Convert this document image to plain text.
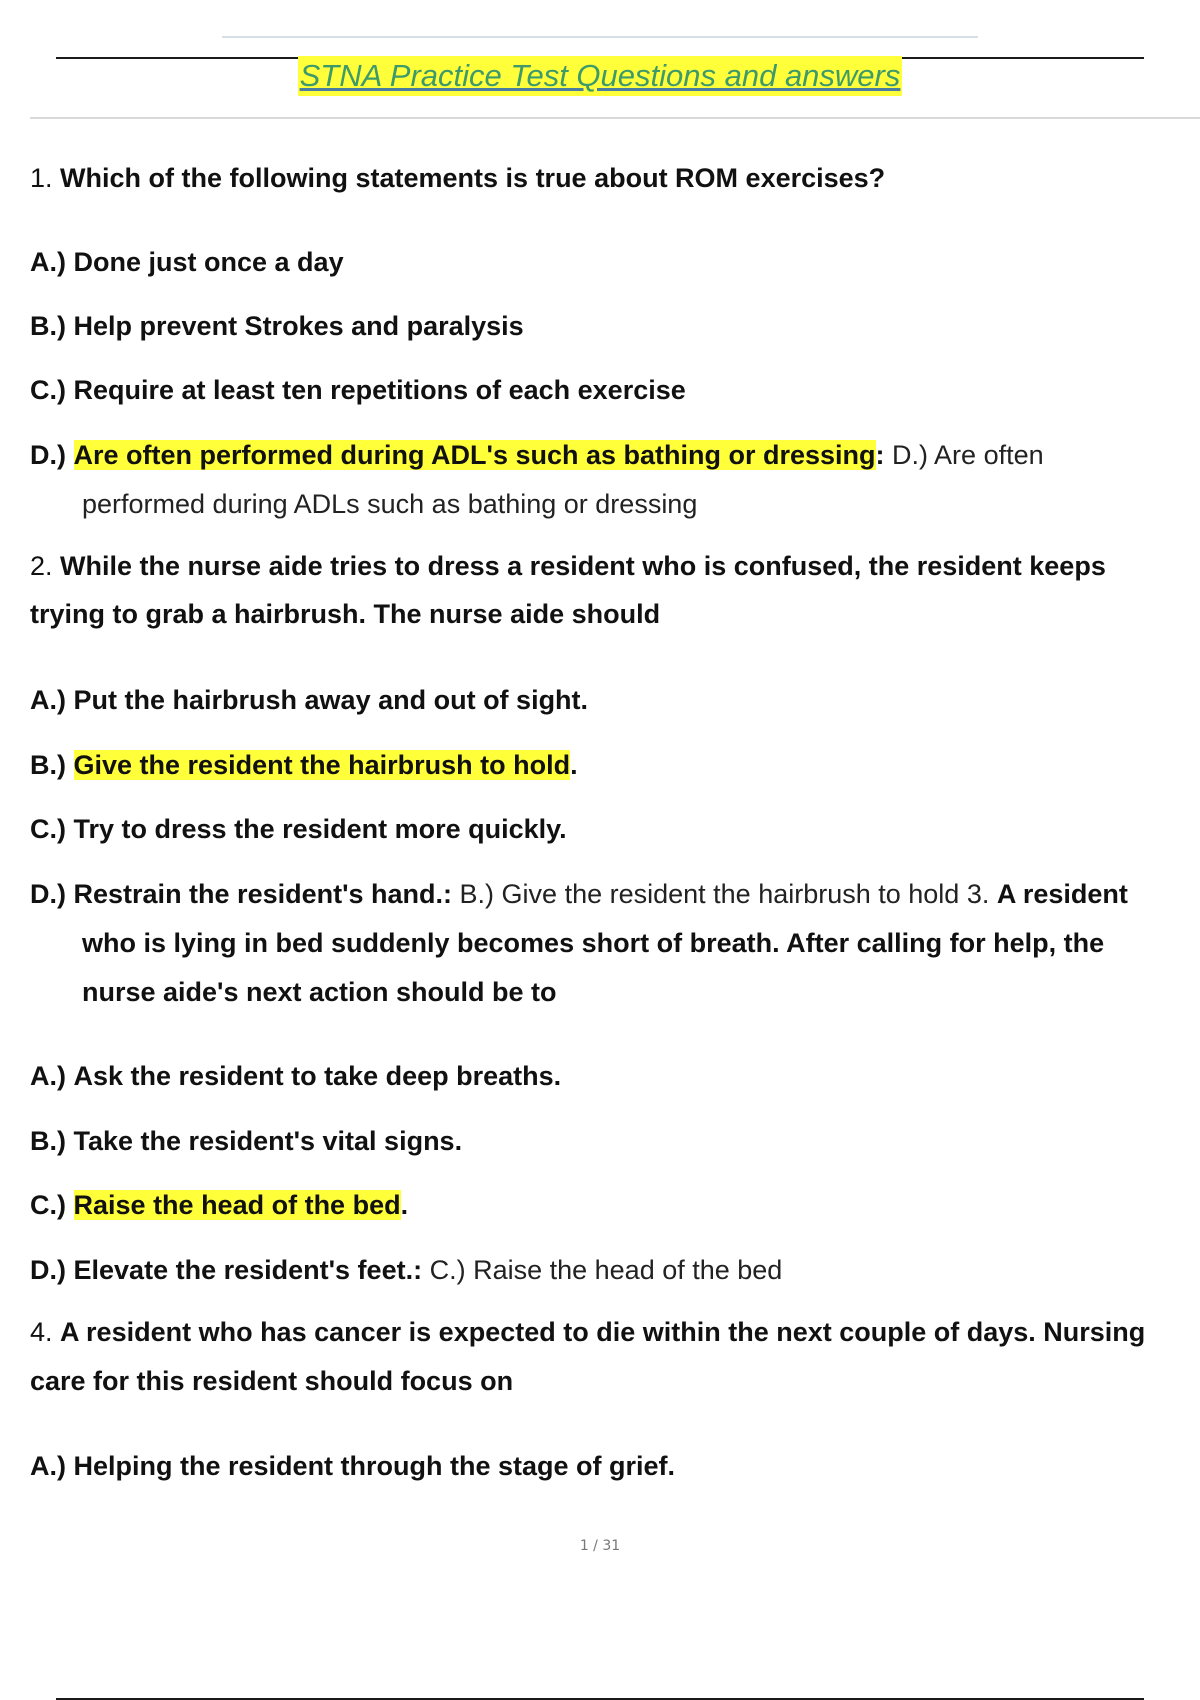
STNA Practice Test Questions and answers
1. Which of the following statements is true about ROM exercises?
A.) Done just once a day
B.) Help prevent Strokes and paralysis
C.) Require at least ten repetitions of each exercise
D.) Are often performed during ADL's such as bathing or dressing: D.) Are often
performed during ADLs such as bathing or dressing
2. While the nurse aide tries to dress a resident who is confused, the resident keeps
trying to grab a hairbrush. The nurse aide should
A.) Put the hairbrush away and out of sight.
B.) Give the resident the hairbrush to hold.
C.) Try to dress the resident more quickly.
D.) Restrain the resident's hand.: B.) Give the resident the hairbrush to hold 3. A resident
who is lying in bed suddenly becomes short of breath. After calling for help, the
nurse aide's next action should be to
A.) Ask the resident to take deep breaths.
B.) Take the resident's vital signs.
C.) Raise the head of the bed.
D.) Elevate the resident's feet.: C.) Raise the head of the bed
4. A resident who has cancer is expected to die within the next couple of days. Nursing
care for this resident should focus on
A.) Helping the resident through the stage of grief.
1 / 31
